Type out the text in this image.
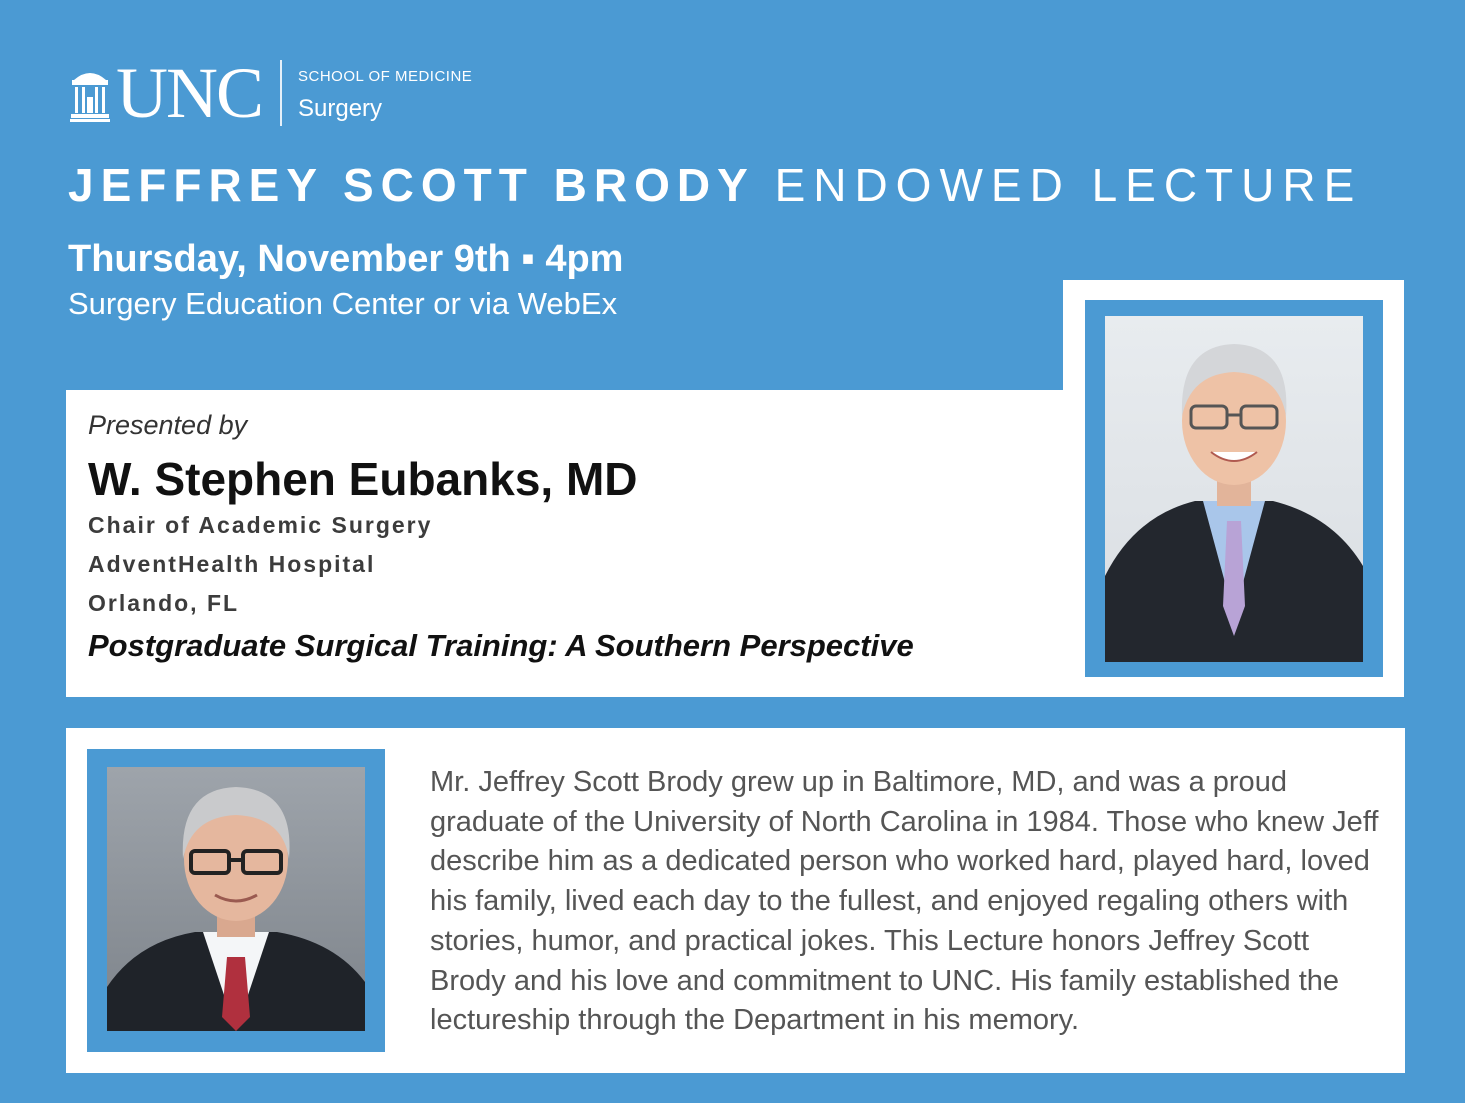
UNC SCHOOL OF MEDICINE
Surgery
JEFFREY SCOTT BRODY ENDOWED LECTURE
Thursday, November 9th ▪ 4pm
Surgery Education Center or via WebEx
Presented by
W. Stephen Eubanks, MD
Chair of Academic Surgery
AdventHealth Hospital
Orlando, FL
Postgraduate Surgical Training: A Southern Perspective
Mr. Jeffrey Scott Brody grew up in Baltimore, MD, and was a proud graduate of the University of North Carolina in 1984. Those who knew Jeff describe him as a dedicated person who worked hard, played hard, loved his family, lived each day to the fullest, and enjoyed regaling others with stories, humor, and practical jokes. This Lecture honors Jeffrey Scott Brody and his love and commitment to UNC. His family established the lectureship through the Department in his memory.
